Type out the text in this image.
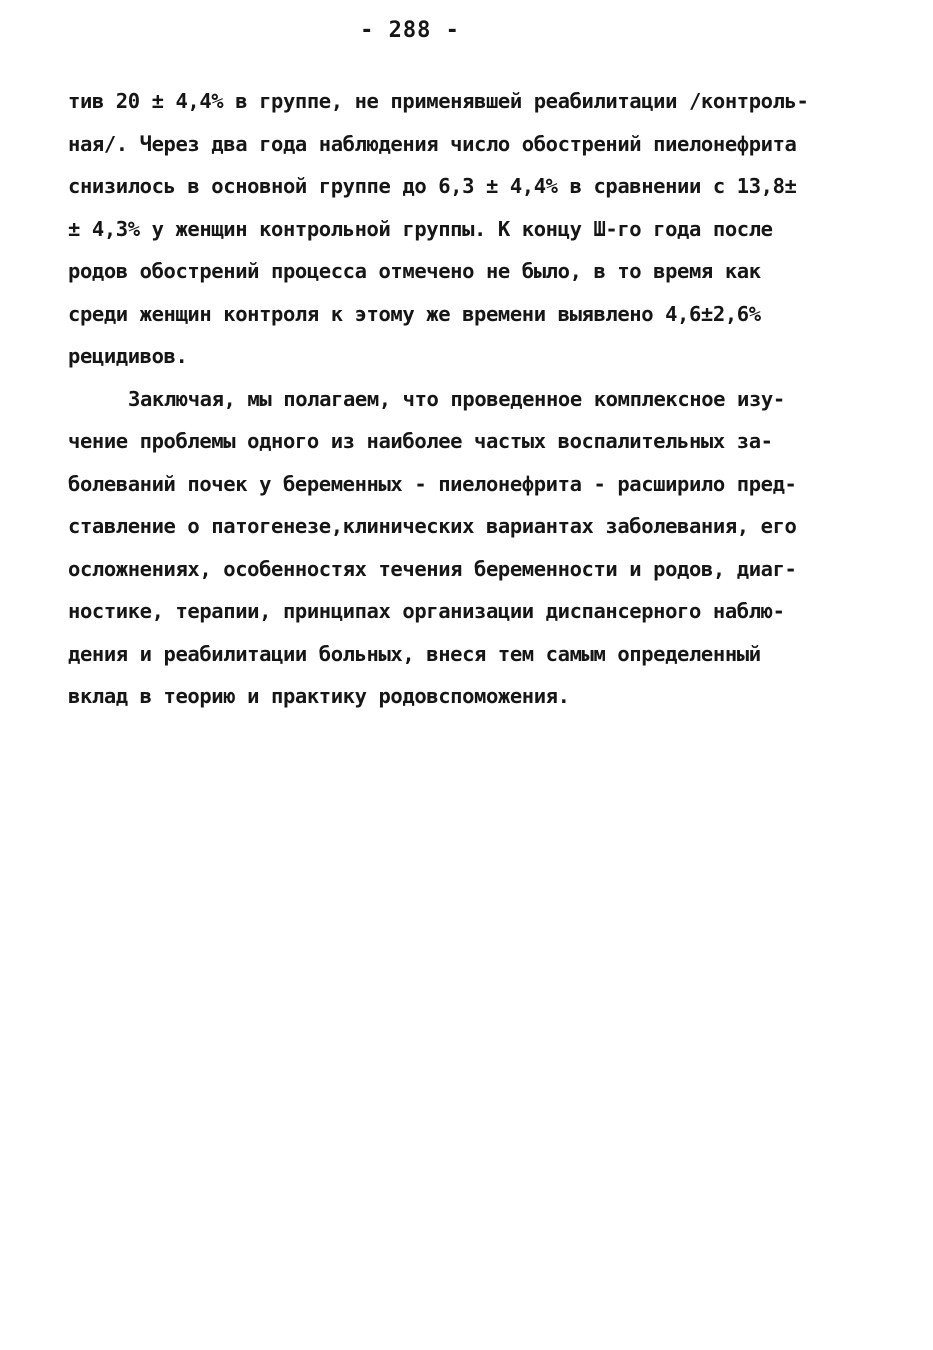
- 288 -
тив 20 ± 4,4% в группе, не применявшей реабилитации /контроль-
ная/. Через два года наблюдения число обострений пиелонефрита
снизилось в основной группе до 6,3 ± 4,4% в сравнении с 13,8±
± 4,3% у женщин контрольной группы. К концу Ш-го года после
родов обострений процесса отмечено не было, в то время как
среди женщин контроля к этому же времени выявлено 4,6±2,6%
рецидивов.
Заключая, мы полагаем, что проведенное комплексное изу-
чение проблемы одного из наиболее частых воспалительных за-
болеваний почек у беременных - пиелонефрита - расширило пред-
ставление о патогенезе,клинических вариантах заболевания, его
осложнениях, особенностях течения беременности и родов, диаг-
ностике, терапии, принципах организации диспансерного наблю-
дения и реабилитации больных, внеся тем самым определенный
вклад в теорию и практику родовспоможения.
